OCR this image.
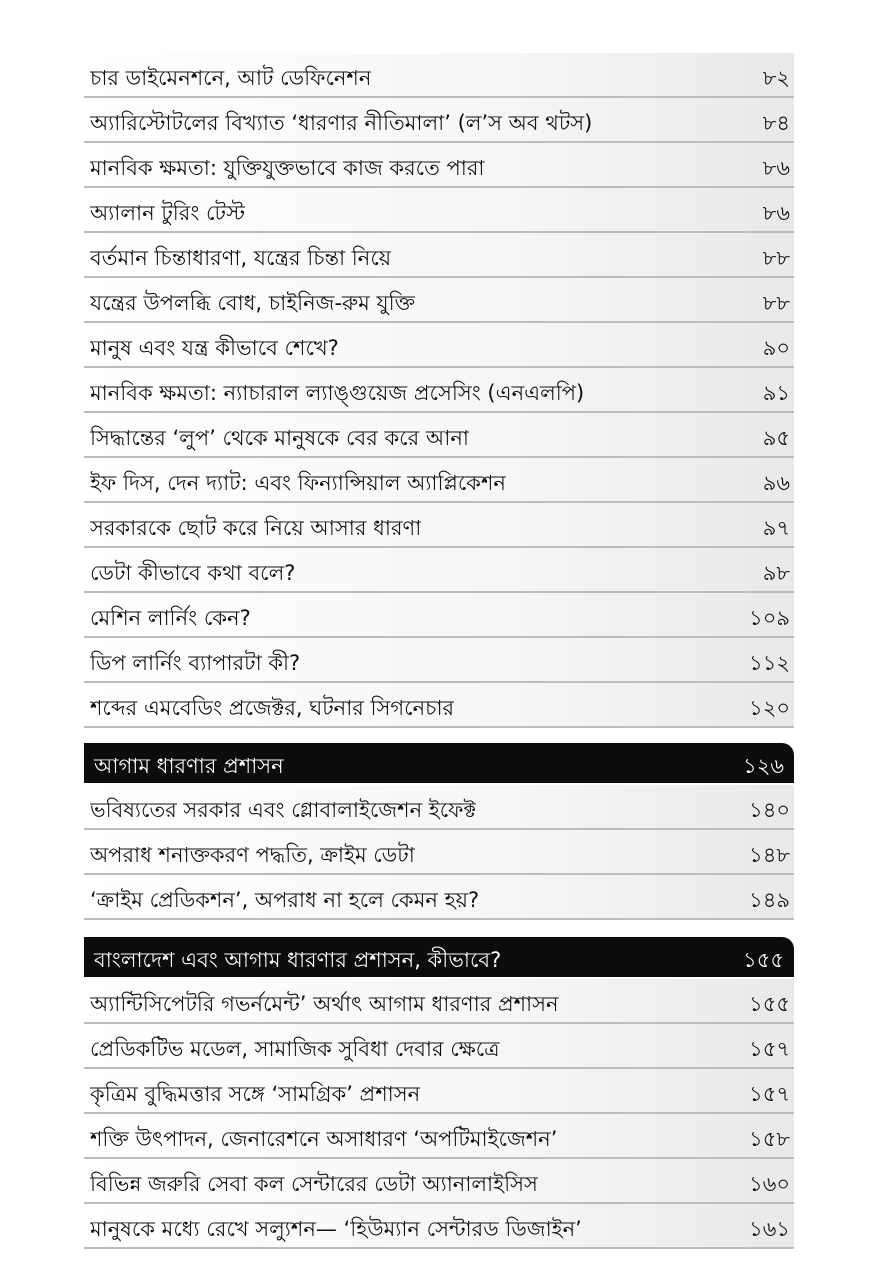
চার ডাইমেনশনে, আট ডেফিনেশন	৮২
অ্যারিস্টোটলের বিখ্যাত ‘ধারণার নীতিমালা’ (ল’স অব থটস)	৮৪
মানবিক ক্ষমতা: যুক্তিযুক্তভাবে কাজ করতে পারা	৮৬
অ্যালান টুরিং টেস্ট	৮৬
বর্তমান চিন্তাধারণা, যন্ত্রের চিন্তা নিয়ে	৮৮
যন্ত্রের উপলব্ধি বোধ, চাইনিজ-রুম যুক্তি	৮৮
মানুষ এবং যন্ত্র কীভাবে শেখে?	৯০
মানবিক ক্ষমতা: ন্যাচারাল ল্যাঙ্গুয়েজ প্রসেসিং (এনএলপি)	৯১
সিদ্ধান্তের ‘লুপ’ থেকে মানুষকে বের করে আনা	৯৫
ইফ দিস, দেন দ্যাট: এবং ফিন্যান্সিয়াল অ্যাপ্লিকেশন	৯৬
সরকারকে ছোট করে নিয়ে আসার ধারণা	৯৭
ডেটা কীভাবে কথা বলে?	৯৮
মেশিন লার্নিং কেন?	১০৯
ডিপ লার্নিং ব্যাপারটা কী?	১১২
শব্দের এমবেডিং প্রজেক্টর, ঘটনার সিগনেচার	১২০
আগাম ধারণার প্রশাসন	১২৬
ভবিষ্যতের সরকার এবং গ্লোবালাইজেশন ইফেক্ট	১৪০
অপরাধ শনাক্তকরণ পদ্ধতি, ক্রাইম ডেটা	১৪৮
‘ক্রাইম প্রেডিকশন’, অপরাধ না হলে কেমন হয়?	১৪৯
বাংলাদেশ এবং আগাম ধারণার প্রশাসন, কীভাবে?	১৫৫
অ্যান্টিসিপেটরি গভর্নমেন্ট’ অর্থাৎ আগাম ধারণার প্রশাসন	১৫৫
প্রেডিকটিভ মডেল, সামাজিক সুবিধা দেবার ক্ষেত্রে	১৫৭
কৃত্রিম বুদ্ধিমত্তার সঙ্গে ‘সামগ্রিক’ প্রশাসন	১৫৭
শক্তি উৎপাদন, জেনারেশনে অসাধারণ ‘অপটিমাইজেশন’	১৫৮
বিভিন্ন জরুরি সেবা কল সেন্টারের ডেটা অ্যানালাইসিস	১৬০
মানুষকে মধ্যে রেখে সল্যুশন— ‘হিউম্যান সেন্টারড ডিজাইন’	১৬১
